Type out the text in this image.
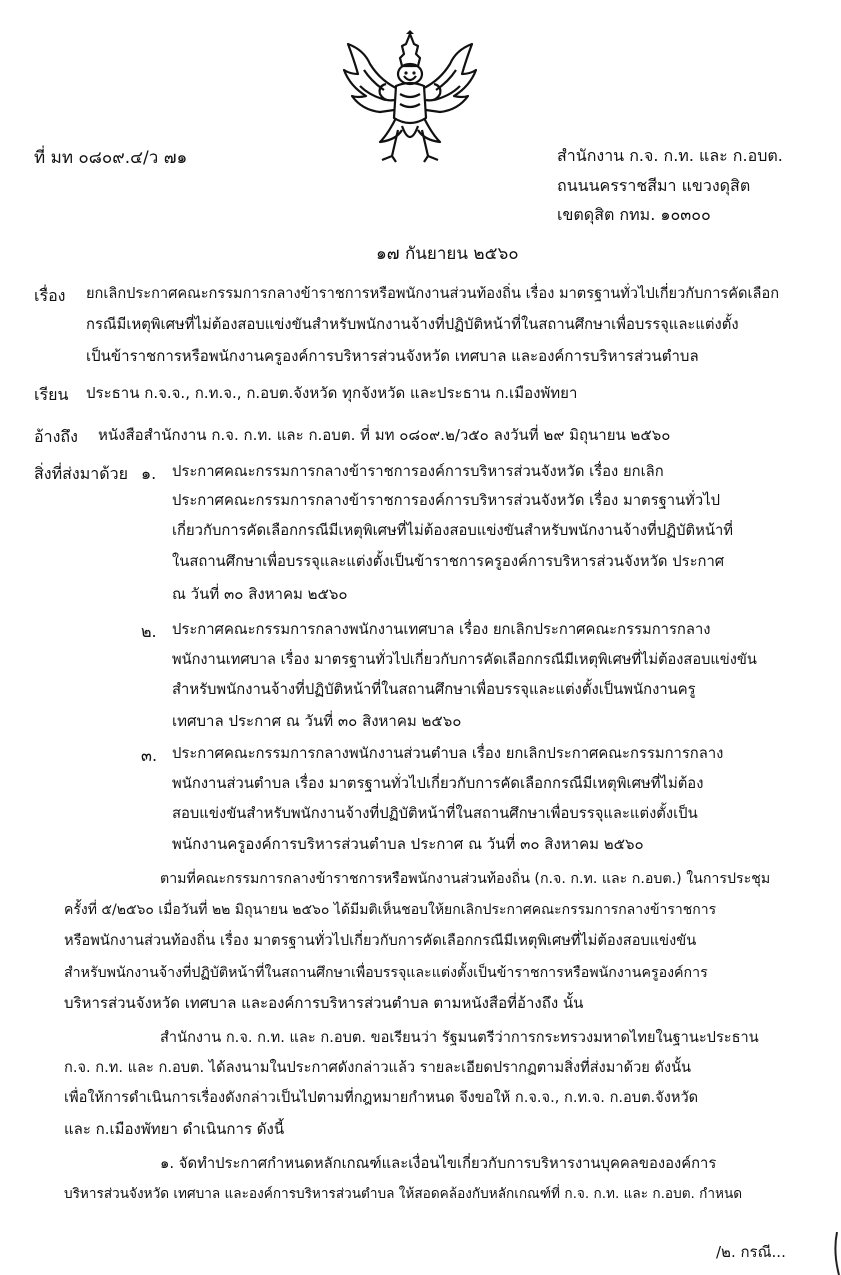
ที่ มท ๐๘๐๙.๔/ว ๗๑	สำนักงาน ก.จ. ก.ท. และ ก.อบต.
ถนนนครราชสีมา แขวงดุสิต
เขตดุสิต กทม. ๑๐๓๐๐
๑๗ กันยายน ๒๕๖๐
เรื่อง ยกเลิกประกาศคณะกรรมการกลางข้าราชการหรือพนักงานส่วนท้องถิ่น เรื่อง มาตรฐานทั่วไปเกี่ยวกับการคัดเลือก
กรณีมีเหตุพิเศษที่ไม่ต้องสอบแข่งขันสำหรับพนักงานจ้างที่ปฏิบัติหน้าที่ในสถานศึกษาเพื่อบรรจุและแต่งตั้ง
เป็นข้าราชการหรือพนักงานครูองค์การบริหารส่วนจังหวัด เทศบาล และองค์การบริหารส่วนตำบล
เรียน ประธาน ก.จ.จ., ก.ท.จ., ก.อบต.จังหวัด ทุกจังหวัด และประธาน ก.เมืองพัทยา
อ้างถึง หนังสือสำนักงาน ก.จ. ก.ท. และ ก.อบต. ที่ มท ๐๘๐๙.๒/ว๕๐ ลงวันที่ ๒๙ มิถุนายน ๒๕๖๐
สิ่งที่ส่งมาด้วย ๑. ประกาศคณะกรรมการกลางข้าราชการองค์การบริหารส่วนจังหวัด เรื่อง ยกเลิก
ประกาศคณะกรรมการกลางข้าราชการองค์การบริหารส่วนจังหวัด เรื่อง มาตรฐานทั่วไป
เกี่ยวกับการคัดเลือกกรณีมีเหตุพิเศษที่ไม่ต้องสอบแข่งขันสำหรับพนักงานจ้างที่ปฏิบัติหน้าที่
ในสถานศึกษาเพื่อบรรจุและแต่งตั้งเป็นข้าราชการครูองค์การบริหารส่วนจังหวัด ประกาศ
ณ วันที่ ๓๐ สิงหาคม ๒๕๖๐
๒. ประกาศคณะกรรมการกลางพนักงานเทศบาล เรื่อง ยกเลิกประกาศคณะกรรมการกลาง
พนักงานเทศบาล เรื่อง มาตรฐานทั่วไปเกี่ยวกับการคัดเลือกกรณีมีเหตุพิเศษที่ไม่ต้องสอบแข่งขัน
สำหรับพนักงานจ้างที่ปฏิบัติหน้าที่ในสถานศึกษาเพื่อบรรจุและแต่งตั้งเป็นพนักงานครู
เทศบาล ประกาศ ณ วันที่ ๓๐ สิงหาคม ๒๕๖๐
๓. ประกาศคณะกรรมการกลางพนักงานส่วนตำบล เรื่อง ยกเลิกประกาศคณะกรรมการกลาง
พนักงานส่วนตำบล เรื่อง มาตรฐานทั่วไปเกี่ยวกับการคัดเลือกกรณีมีเหตุพิเศษที่ไม่ต้อง
สอบแข่งขันสำหรับพนักงานจ้างที่ปฏิบัติหน้าที่ในสถานศึกษาเพื่อบรรจุและแต่งตั้งเป็น
พนักงานครูองค์การบริหารส่วนตำบล ประกาศ ณ วันที่ ๓๐ สิงหาคม ๒๕๖๐
ตามที่คณะกรรมการกลางข้าราชการหรือพนักงานส่วนท้องถิ่น (ก.จ. ก.ท. และ ก.อบต.) ในการประชุม
ครั้งที่ ๕/๒๕๖๐ เมื่อวันที่ ๒๒ มิถุนายน ๒๕๖๐ ได้มีมติเห็นชอบให้ยกเลิกประกาศคณะกรรมการกลางข้าราชการ
หรือพนักงานส่วนท้องถิ่น เรื่อง มาตรฐานทั่วไปเกี่ยวกับการคัดเลือกกรณีมีเหตุพิเศษที่ไม่ต้องสอบแข่งขัน
สำหรับพนักงานจ้างที่ปฏิบัติหน้าที่ในสถานศึกษาเพื่อบรรจุและแต่งตั้งเป็นข้าราชการหรือพนักงานครูองค์การ
บริหารส่วนจังหวัด เทศบาล และองค์การบริหารส่วนตำบล ตามหนังสือที่อ้างถึง นั้น
สำนักงาน ก.จ. ก.ท. และ ก.อบต. ขอเรียนว่า รัฐมนตรีว่าการกระทรวงมหาดไทยในฐานะประธาน
ก.จ. ก.ท. และ ก.อบต. ได้ลงนามในประกาศดังกล่าวแล้ว รายละเอียดปรากฏตามสิ่งที่ส่งมาด้วย ดังนั้น
เพื่อให้การดำเนินการเรื่องดังกล่าวเป็นไปตามที่กฎหมายกำหนด จึงขอให้ ก.จ.จ., ก.ท.จ. ก.อบต.จังหวัด
และ ก.เมืองพัทยา ดำเนินการ ดังนี้
๑. จัดทำประกาศกำหนดหลักเกณฑ์และเงื่อนไขเกี่ยวกับการบริหารงานบุคคลขององค์การ
บริหารส่วนจังหวัด เทศบาล และองค์การบริหารส่วนตำบล ให้สอดคล้องกับหลักเกณฑ์ที่ ก.จ. ก.ท. และ ก.อบต. กำหนด
/๒. กรณี...
